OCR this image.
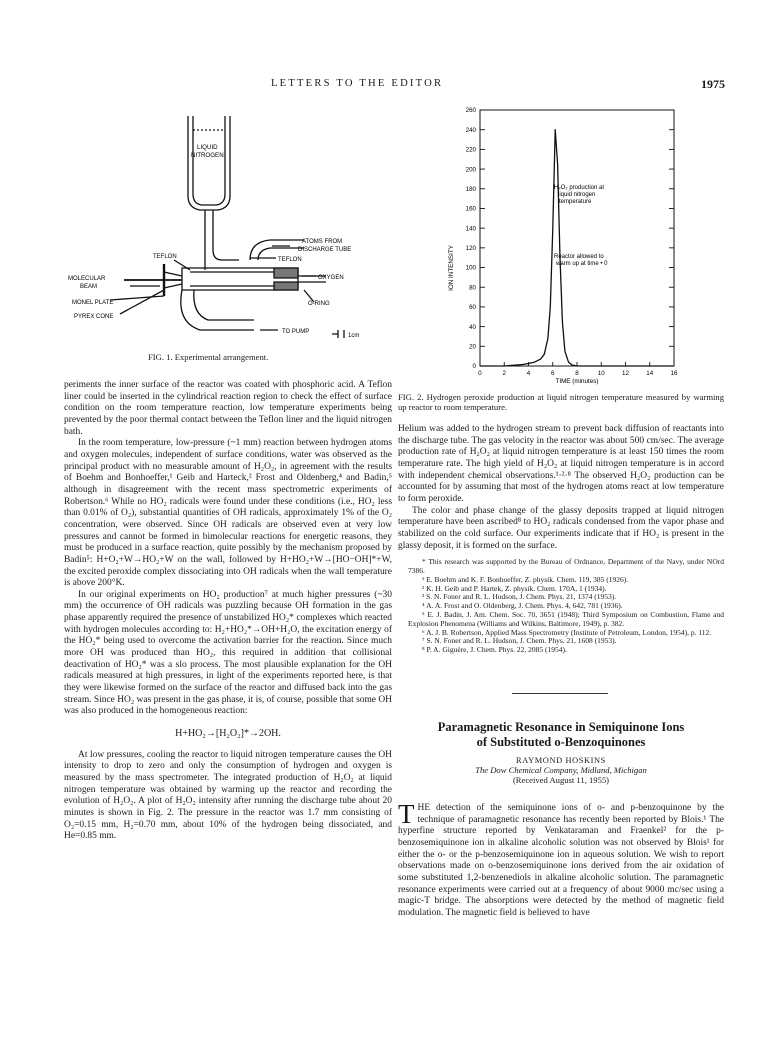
LETTERS TO THE EDITOR	1975
LIQUID
NITROGEN
ATOMS FROM
DISCHARGE TUBE
TEFLON	TEFLON
MOLECULAR
BEAM
OXYGEN
O-RING
MONEL PLATE
PYREX CONE
TO PUMP
1cm
FIG. 1. Experimental arrangement.
20
40
60
80
100
120
140
160
180
200
220
240
260
0
0	2	4	6	8	10	12	14	16
ION INTENSITY
TIME (minutes)
H₂O₂ production at
liquid nitrogen
temperature
Reactor allowed to
warm up at time • 0
FIG. 2. Hydrogen peroxide production at liquid nitrogen temperature measured by warming up reactor to room temperature.

periments the inner surface of the reactor was coated with phosphoric acid. A Teflon liner could be inserted in the cylindrical reaction region to check the effect of surface condition on the room temperature reaction, low temperature experiments being prevented by the poor thermal contact between the Teflon liner and the liquid nitrogen bath.

In the room temperature, low-pressure (~1 mm) reaction between hydrogen atoms and oxygen molecules, independent of surface conditions, water was observed as the principal product with no measurable amount of H₂O₂, in agreement with the results of Boehm and Bonhoeffer,¹ Geib and Harteck,² Frost and Oldenberg,⁴ and Badin,⁵ although in disagreement with the recent mass spectrometric experiments of Robertson.⁶ While no HO₂ radicals were found under these conditions (i.e., HO₂ less than 0.01% of O₂), substantial quantities of OH radicals, approximately 1% of the O₂ concentration, were observed. Since OH radicals are observed even at very low pressures and cannot be formed in bimolecular reactions for energetic reasons, they must be produced in a surface reaction, quite possibly by the mechanism proposed by Badin⁵: H+O₂+W→HO₂+W on the wall, followed by H+HO₂+W→[HO−OH]*+W, the excited peroxide complex dissociating into OH radicals when the wall temperature is above 200°K.

In our original experiments on HO₂ production⁷ at much higher pressures (~30 mm) the occurrence of OH radicals was puzzling because OH formation in the gas phase apparently required the presence of unstabilized HO₂* complexes which reacted with hydrogen molecules according to: H₂+HO₂*→OH+H₂O, the excitation energy of the HO₂* being used to overcome the activation barrier for the reaction. Since much more OH was produced than HO₂, this required in addition that collisional deactivation of HO₂* was a slo process. The most plausible explanation for the OH radicals measured at high pressures, in light of the experiments reported here, is that they were likewise formed on the surface of the reactor and diffused back into the gas stream. Since HO₂ was present in the gas phase, it is, of course, possible that some OH was also produced in the homogeneous reaction:

H+HO₂→[H₂O₂]*→2OH.

At low pressures, cooling the reactor to liquid nitrogen temperature causes the OH intensity to drop to zero and only the consumption of hydrogen and oxygen is measured by the mass spectrometer. The integrated production of H₂O₂ at liquid nitrogen temperature was obtained by warming up the reactor and recording the evolution of H₂O₂. A plot of H₂O₂ intensity after running the discharge tube about 20 minutes is shown in Fig. 2. The pressure in the reactor was 1.7 mm consisting of O₂=0.15 mm, H₂=0.70 mm, about 10% of the hydrogen being dissociated, and He=0.85 mm.

Helium was added to the hydrogen stream to prevent back diffusion of reactants into the discharge tube. The gas velocity in the reactor was about 500 cm/sec. The average production rate of H₂O₂ at liquid nitrogen temperature is at least 150 times the room temperature rate. The high yield of H₂O₂ at liquid nitrogen temperature is in accord with independent chemical observations.¹·²·⁸ The observed H₂O₂ production can be accounted for by assuming that most of the hydrogen atoms react at low temperature to form peroxide.

The color and phase change of the glassy deposits trapped at liquid nitrogen temperature have been ascribed⁸ to HO₂ radicals condensed from the vapor phase and stabilized on the cold surface. Our experiments indicate that if HO₂ is present in the glassy deposit, it is formed on the surface.

* This research was supported by the Bureau of Ordnance, Department of the Navy, under NOrd 7386.

¹ E. Boehm and K. F. Bonhoeffer, Z. physik. Chem. 119, 385 (1926).

² K. H. Geib and P. Hartek, Z. physik. Chem. 170A, 1 (1934).

³ S. N. Foner and R. L. Hudson, J. Chem. Phys. 21, 1374 (1953).

⁴ A. A. Frost and O. Oldenberg, J. Chem. Phys. 4, 642, 781 (1936).

⁵ E. J. Badin, J. Am. Chem. Soc. 70, 3651 (1948); Third Symposium on Combustion, Flame and Explosion Phenomena (Williams and Wilkins, Baltimore, 1949), p. 382.

⁶ A. J. B. Robertson, Applied Mass Spectrometry (Institute of Petroleum, London, 1954), p. 112.

⁷ S. N. Foner and R. L. Hudson, J. Chem. Phys. 21, 1608 (1953).

⁸ P. A. Giguère, J. Chem. Phys. 22, 2085 (1954).

Paramagnetic Resonance in Semiquinone Ions
of Substituted o-Benzoquinones
RAYMOND HOSKINS
The Dow Chemical Company, Midland, Michigan
(Received August 11, 1955)

THE detection of the semiquinone ions of o- and p-benzoquinone by the technique of paramagnetic resonance has recently been reported by Blois.¹ The hyperfine structure reported by Venkataraman and Fraenkel² for the p-benzosemiquinone ion in alkaline alcoholic solution was not observed by Blois¹ for either the o- or the p-benzosemiquinone ion in aqueous solution. We wish to report observations made on o-benzosemiquinone ions derived from the air oxidation of some substituted 1,2-benzenediols in alkaline alcoholic solution. The paramagnetic resonance experiments were carried out at a frequency of about 9000 mc/sec using a magic-T bridge. The absorptions were detected by the method of magnetic field modulation. The magnetic field is believed to have
